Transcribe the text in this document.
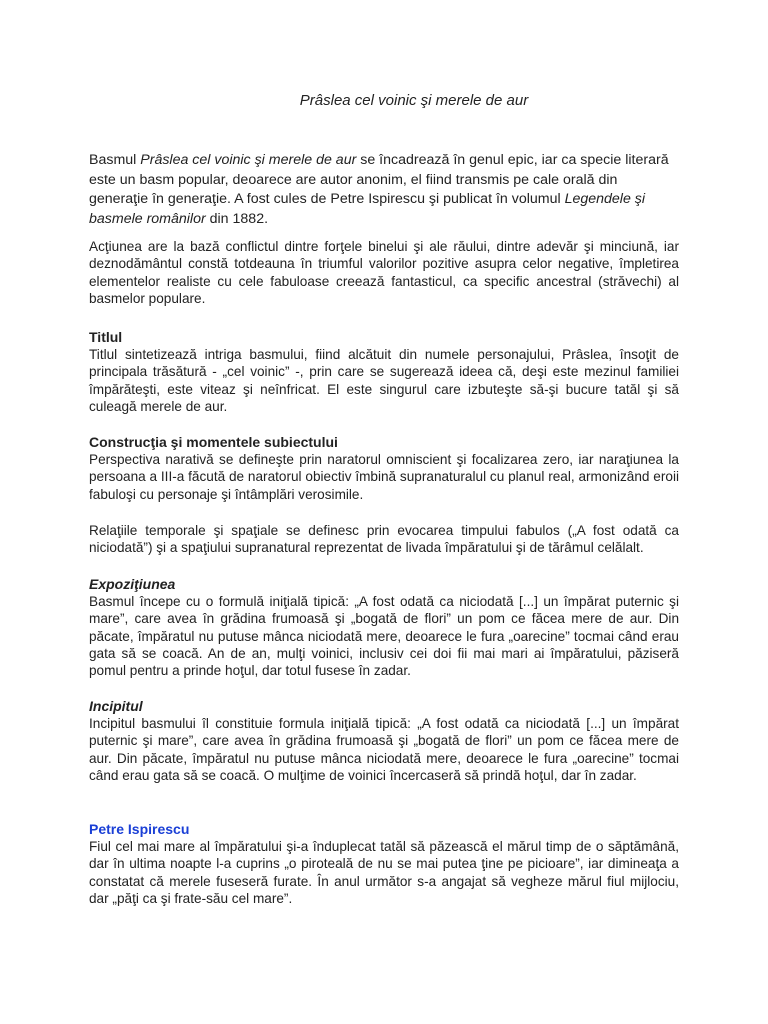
Prâslea cel voinic şi merele de aur
Basmul Prâslea cel voinic şi merele de aur se încadrează în genul epic, iar ca specie literară este un basm popular, deoarece are autor anonim, el fiind transmis pe cale orală din generaţie în generaţie. A fost cules de Petre Ispirescu şi publicat în volumul Legendele şi basmele românilor din 1882.
Acţiunea are la bază conflictul dintre forţele binelui şi ale răului, dintre adevăr şi minciună, iar deznodământul constă totdeauna în triumful valorilor pozitive asupra celor negative, împletirea elementelor realiste cu cele fabuloase creează fantasticul, ca specific ancestral (străvechi) al basmelor populare.
Titlul
Titlul sintetizează intriga basmului, fiind alcătuit din numele personajului, Prâslea, însoţit de principala trăsătură - „cel voinic” -, prin care se sugerează ideea că, deşi este mezinul familiei împărăteşti, este viteaz şi neînfricat. El este singurul care izbuteşte să-şi bucure tatăl şi să culeagă merele de aur.
Construcţia şi momentele subiectului
Perspectiva narativă se defineşte prin naratorul omniscient şi focalizarea zero, iar naraţiunea la persoana a III-a făcută de naratorul obiectiv îmbină supranaturalul cu planul real, armonizând eroii fabuloşi cu personaje şi întâmplări verosimile.
Relaţiile temporale şi spaţiale se definesc prin evocarea timpului fabulos („A fost odată ca niciodată”) şi a spaţiului supranatural reprezentat de livada împăratului şi de tărâmul celălalt.
Expoziţiunea
Basmul începe cu o formulă iniţială tipică: „A fost odată ca niciodată [...] un împărat puternic şi mare”, care avea în grădina frumoasă şi „bogată de flori” un pom ce făcea mere de aur. Din păcate, împăratul nu putuse mânca niciodată mere, deoarece le fura „oarecine” tocmai când erau gata să se coacă. An de an, mulţi voinici, inclusiv cei doi fii mai mari ai împăratului, păziseră pomul pentru a prinde hoţul, dar totul fusese în zadar.
Incipitul
Incipitul basmului îl constituie formula iniţială tipică: „A fost odată ca niciodată [...] un împărat puternic şi mare”, care avea în grădina frumoasă şi „bogată de flori” un pom ce făcea mere de aur. Din păcate, împăratul nu putuse mânca niciodată mere, deoarece le fura „oarecine” tocmai când erau gata să se coacă. O mulţime de voinici încercaseră să prindă hoţul, dar în zadar.
Petre Ispirescu
Fiul cel mai mare al împăratului şi-a înduplecat tatăl să păzească el mărul timp de o săptămână, dar în ultima noapte l-a cuprins „o piroteală de nu se mai putea ţine pe picioare”, iar dimineaţa a constatat că merele fuseseră furate. În anul următor s-a angajat să vegheze mărul fiul mijlociu, dar „păţi ca şi frate-său cel mare”.
